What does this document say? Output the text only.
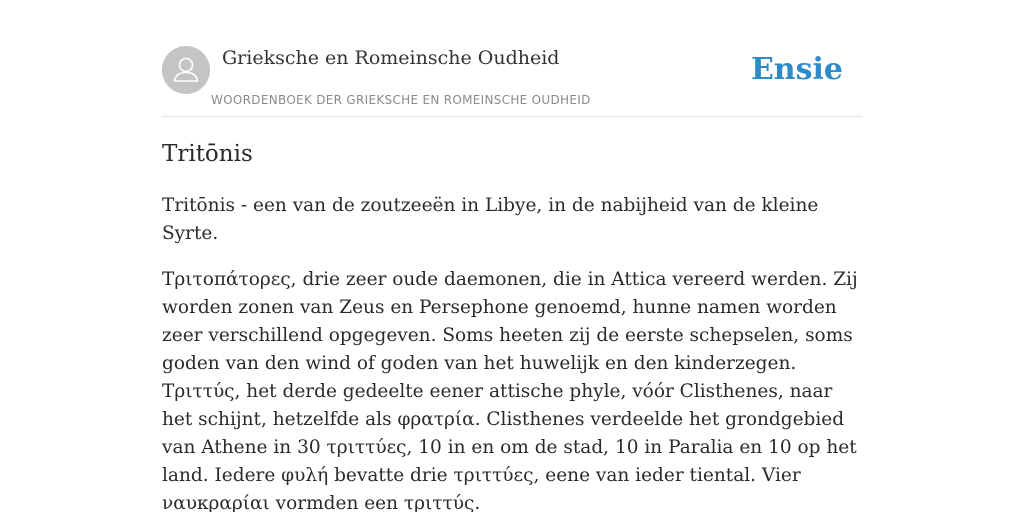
Grieksche en Romeinsche Oudheid
WOORDENBOEK DER GRIEKSCHE EN ROMEINSCHE OUDHEID
Ensie
Tritōnis

Tritōnis - een van de zoutzeeën in Libye, in de nabijheid van de kleine Syrte.

Τριτοπάτορες, drie zeer oude daemonen, die in Attica vereerd werden. Zij worden zonen van Zeus en Persephone genoemd, hunne namen worden zeer verschillend opgegeven. Soms heeten zij de eerste schepselen, soms goden van den wind of goden van het huwelijk en den kinderzegen.

Τριττύς, het derde gedeelte eener attische phyle, vóór Clisthenes, naar het schijnt, hetzelfde als φρατρία. Clisthenes verdeelde het grondgebied van Athene in 30 τριττύες, 10 in en om de stad, 10 in Paralia en 10 op het land. Iedere φυλή bevatte drie τριττύες, eene van ieder tiental. Vier ναυκραρίαι vormden een τριττύς.
